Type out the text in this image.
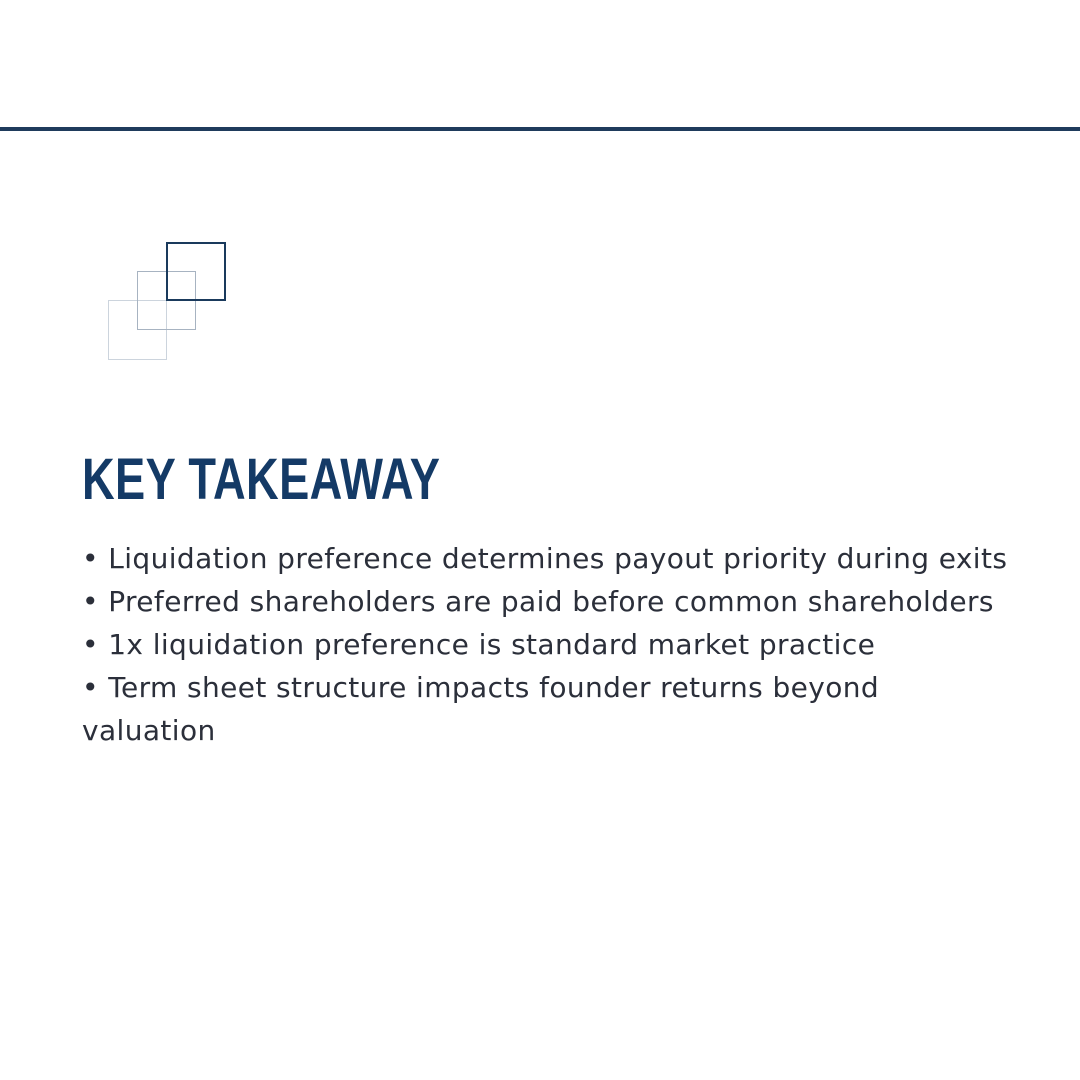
KEY TAKEAWAY
• Liquidation preference determines payout priority during exits
• Preferred shareholders are paid before common shareholders
• 1x liquidation preference is standard market practice
• Term sheet structure impacts founder returns beyond valuation
